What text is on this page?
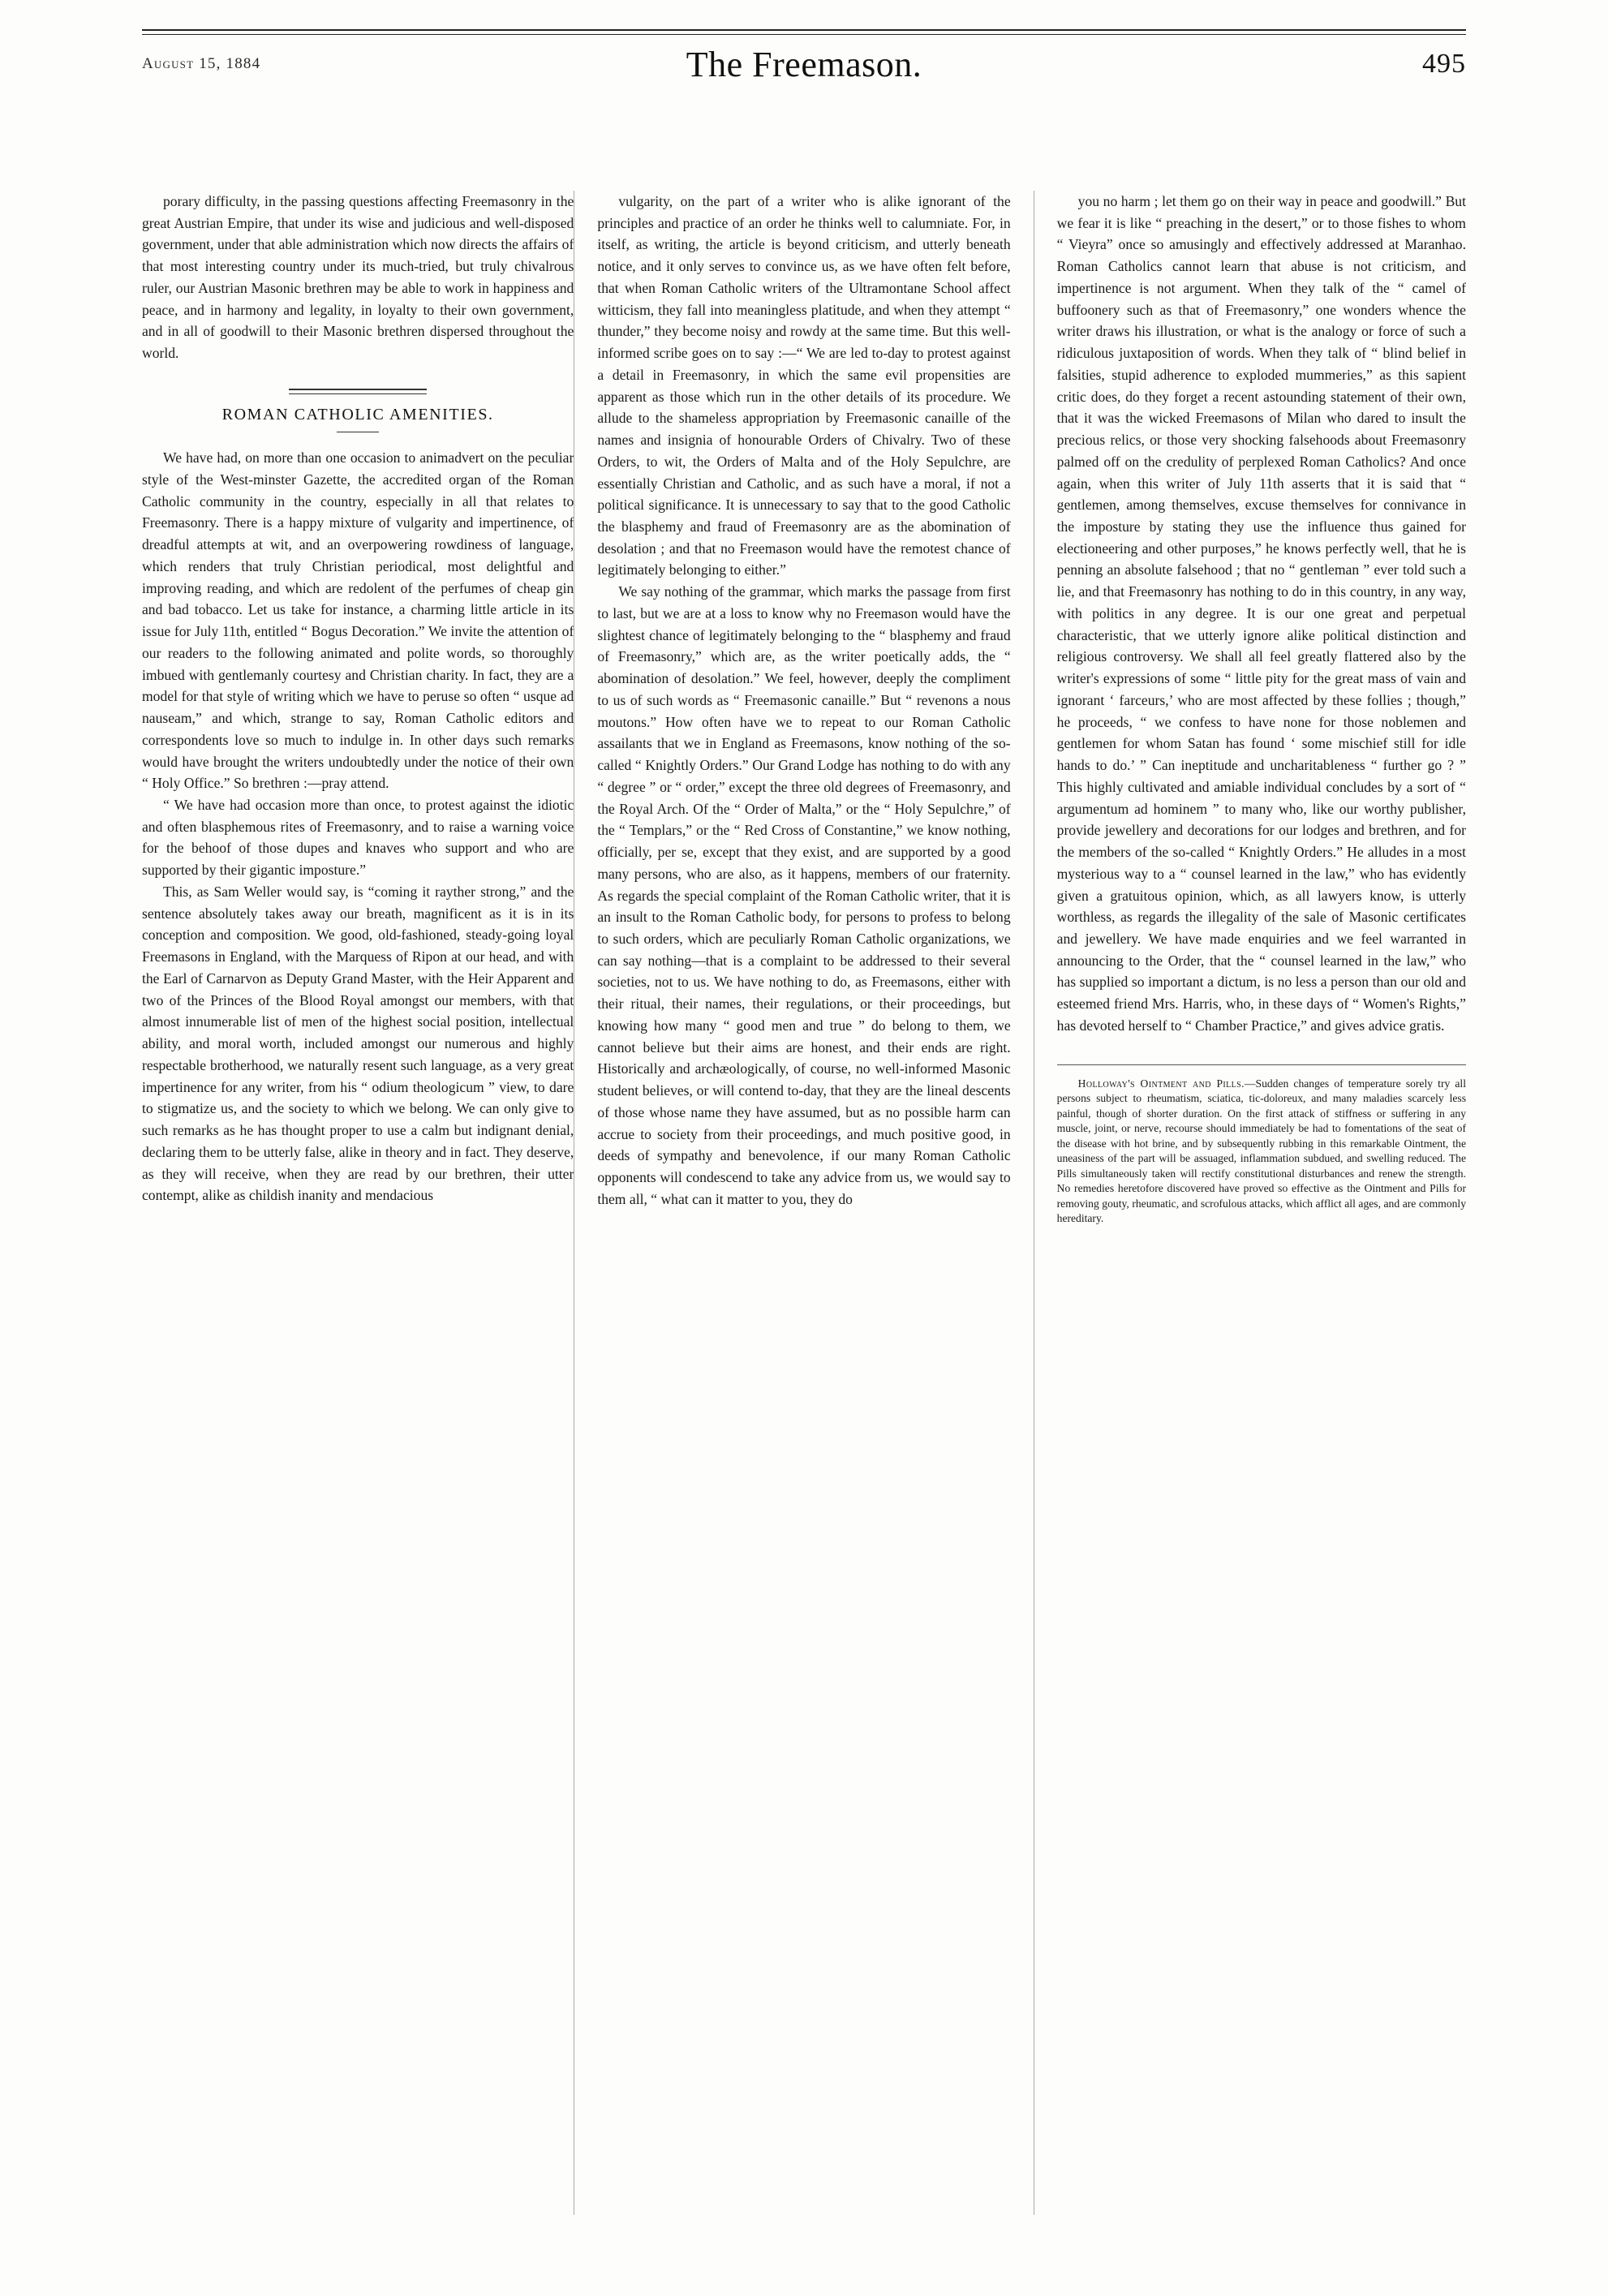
August 15, 1884	The Freemason.	495

porary difficulty, in the passing questions affecting Freemasonry in the great Austrian Empire, that under its wise and judicious and well-disposed government, under that able administration which now directs the affairs of that most interesting country under its much-tried, but truly chivalrous ruler, our Austrian Masonic brethren may be able to work in happiness and peace, and in harmony and legality, in loyalty to their own government, and in all of goodwill to their Masonic brethren dispersed throughout the world.

ROMAN CATHOLIC AMENITIES.

We have had, on more than one occasion to animadvert on the peculiar style of the West-minster Gazette, the accredited organ of the Roman Catholic community in the country, especially in all that relates to Freemasonry. There is a happy mixture of vulgarity and impertinence, of dreadful attempts at wit, and an overpowering rowdiness of language, which renders that truly Christian periodical, most delightful and improving reading, and which are redolent of the perfumes of cheap gin and bad tobacco. Let us take for instance, a charming little article in its issue for July 11th, entitled “ Bogus Decoration.” We invite the attention of our readers to the following animated and polite words, so thoroughly imbued with gentlemanly courtesy and Christian charity. In fact, they are a model for that style of writing which we have to peruse so often “ usque ad nauseam,” and which, strange to say, Roman Catholic editors and correspondents love so much to indulge in. In other days such remarks would have brought the writers undoubtedly under the notice of their own “ Holy Office.” So brethren :—pray attend.

“ We have had occasion more than once, to protest against the idiotic and often blasphemous rites of Freemasonry, and to raise a warning voice for the behoof of those dupes and knaves who support and who are supported by their gigantic imposture.”

This, as Sam Weller would say, is “coming it rayther strong,” and the sentence absolutely takes away our breath, magnificent as it is in its conception and composition. We good, old-fashioned, steady-going loyal Freemasons in England, with the Marquess of Ripon at our head, and with the Earl of Carnarvon as Deputy Grand Master, with the Heir Apparent and two of the Princes of the Blood Royal amongst our members, with that almost innumerable list of men of the highest social position, intellectual ability, and moral worth, included amongst our numerous and highly respectable brotherhood, we naturally resent such language, as a very great impertinence for any writer, from his “ odium theologicum ” view, to dare to stigmatize us, and the society to which we belong. We can only give to such remarks as he has thought proper to use a calm but indignant denial, declaring them to be utterly false, alike in theory and in fact. They deserve, as they will receive, when they are read by our brethren, their utter contempt, alike as childish inanity and mendacious

vulgarity, on the part of a writer who is alike ignorant of the principles and practice of an order he thinks well to calumniate. For, in itself, as writing, the article is beyond criticism, and utterly beneath notice, and it only serves to convince us, as we have often felt before, that when Roman Catholic writers of the Ultramontane School affect witticism, they fall into meaningless platitude, and when they attempt “ thunder,” they become noisy and rowdy at the same time. But this well-informed scribe goes on to say :—“ We are led to-day to protest against a detail in Freemasonry, in which the same evil propensities are apparent as those which run in the other details of its procedure. We allude to the shameless appropriation by Freemasonic canaille of the names and insignia of honourable Orders of Chivalry. Two of these Orders, to wit, the Orders of Malta and of the Holy Sepulchre, are essentially Christian and Catholic, and as such have a moral, if not a political significance. It is unnecessary to say that to the good Catholic the blasphemy and fraud of Freemasonry are as the abomination of desolation ; and that no Freemason would have the remotest chance of legitimately belonging to either.”

We say nothing of the grammar, which marks the passage from first to last, but we are at a loss to know why no Freemason would have the slightest chance of legitimately belonging to the “ blasphemy and fraud of Freemasonry,” which are, as the writer poetically adds, the “ abomination of desolation.” We feel, however, deeply the compliment to us of such words as “ Freemasonic canaille.” But “ revenons a nous moutons.” How often have we to repeat to our Roman Catholic assailants that we in England as Freemasons, know nothing of the so-called “ Knightly Orders.” Our Grand Lodge has nothing to do with any “ degree ” or “ order,” except the three old degrees of Freemasonry, and the Royal Arch. Of the “ Order of Malta,” or the “ Holy Sepulchre,” of the “ Templars,” or the “ Red Cross of Constantine,” we know nothing, officially, per se, except that they exist, and are supported by a good many persons, who are also, as it happens, members of our fraternity. As regards the special complaint of the Roman Catholic writer, that it is an insult to the Roman Catholic body, for persons to profess to belong to such orders, which are peculiarly Roman Catholic organizations, we can say nothing—that is a complaint to be addressed to their several societies, not to us. We have nothing to do, as Freemasons, either with their ritual, their names, their regulations, or their proceedings, but knowing how many “ good men and true ” do belong to them, we cannot believe but their aims are honest, and their ends are right. Historically and archæologically, of course, no well-informed Masonic student believes, or will contend to-day, that they are the lineal descents of those whose name they have assumed, but as no possible harm can accrue to society from their proceedings, and much positive good, in deeds of sympathy and benevolence, if our many Roman Catholic opponents will condescend to take any advice from us, we would say to them all, “ what can it matter to you, they do

you no harm ; let them go on their way in peace and goodwill.” But we fear it is like “ preaching in the desert,” or to those fishes to whom “ Vieyra” once so amusingly and effectively addressed at Maranhao. Roman Catholics cannot learn that abuse is not criticism, and impertinence is not argument. When they talk of the “ camel of buffoonery such as that of Freemasonry,” one wonders whence the writer draws his illustration, or what is the analogy or force of such a ridiculous juxtaposition of words. When they talk of “ blind belief in falsities, stupid adherence to exploded mummeries,” as this sapient critic does, do they forget a recent astounding statement of their own, that it was the wicked Freemasons of Milan who dared to insult the precious relics, or those very shocking falsehoods about Freemasonry palmed off on the credulity of perplexed Roman Catholics? And once again, when this writer of July 11th asserts that it is said that “ gentlemen, among themselves, excuse themselves for connivance in the imposture by stating they use the influence thus gained for electioneering and other purposes,” he knows perfectly well, that he is penning an absolute falsehood ; that no “ gentleman ” ever told such a lie, and that Freemasonry has nothing to do in this country, in any way, with politics in any degree. It is our one great and perpetual characteristic, that we utterly ignore alike political distinction and religious controversy. We shall all feel greatly flattered also by the writer's expressions of some “ little pity for the great mass of vain and ignorant ‘ farceurs,’ who are most affected by these follies ; though,” he proceeds, “ we confess to have none for those noblemen and gentlemen for whom Satan has found ‘ some mischief still for idle hands to do.’ ” Can ineptitude and uncharitableness “ further go ? ” This highly cultivated and amiable individual concludes by a sort of “ argumentum ad hominem ” to many who, like our worthy publisher, provide jewellery and decorations for our lodges and brethren, and for the members of the so-called “ Knightly Orders.” He alludes in a most mysterious way to a “ counsel learned in the law,” who has evidently given a gratuitous opinion, which, as all lawyers know, is utterly worthless, as regards the illegality of the sale of Masonic certificates and jewellery. We have made enquiries and we feel warranted in announcing to the Order, that the “ counsel learned in the law,” who has supplied so important a dictum, is no less a person than our old and esteemed friend Mrs. Harris, who, in these days of “ Women's Rights,” has devoted herself to “ Chamber Practice,” and gives advice gratis.

Holloway's Ointment and Pills.—Sudden changes of temperature sorely try all persons subject to rheumatism, sciatica, tic-doloreux, and many maladies scarcely less painful, though of shorter duration. On the first attack of stiffness or suffering in any muscle, joint, or nerve, recourse should immediately be had to fomentations of the seat of the disease with hot brine, and by subsequently rubbing in this remarkable Ointment, the uneasiness of the part will be assuaged, inflammation subdued, and swelling reduced. The Pills simultaneously taken will rectify constitutional disturbances and renew the strength. No remedies heretofore discovered have proved so effective as the Ointment and Pills for removing gouty, rheumatic, and scrofulous attacks, which afflict all ages, and are commonly hereditary.
